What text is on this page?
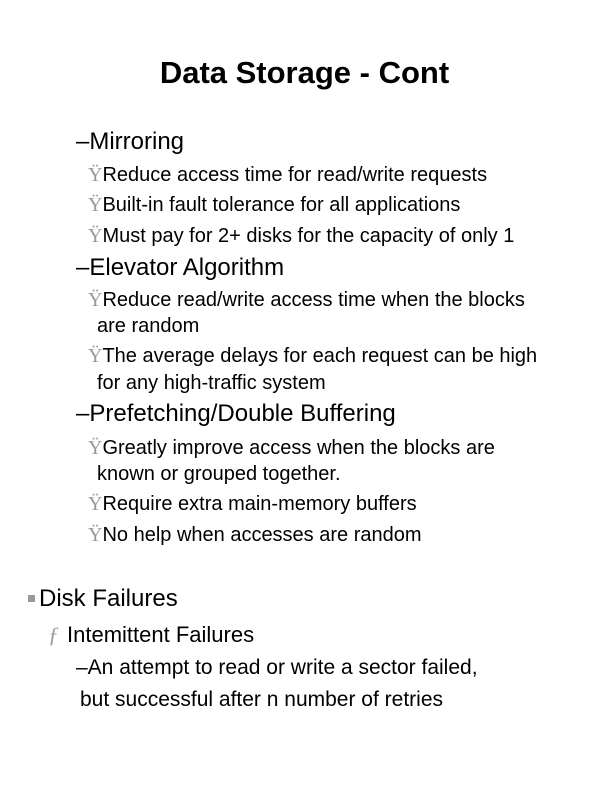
Data Storage - Cont
–Mirroring
ŸReduce access time for read/write requests
ŸBuilt-in fault tolerance for all applications
ŸMust pay for 2+ disks for the capacity of only 1
–Elevator Algorithm
ŸReduce read/write access time when the blocks
are random
ŸThe average delays for each request can be high
for any high-traffic system
–Prefetching/Double Buffering
ŸGreatly improve access when the blocks are
known or grouped together.
ŸRequire extra main-memory buffers
ŸNo help when accesses are random
Disk Failures
ƒ Intemittent Failures
–An attempt to read or write a sector failed,
but successful after n number of retries
